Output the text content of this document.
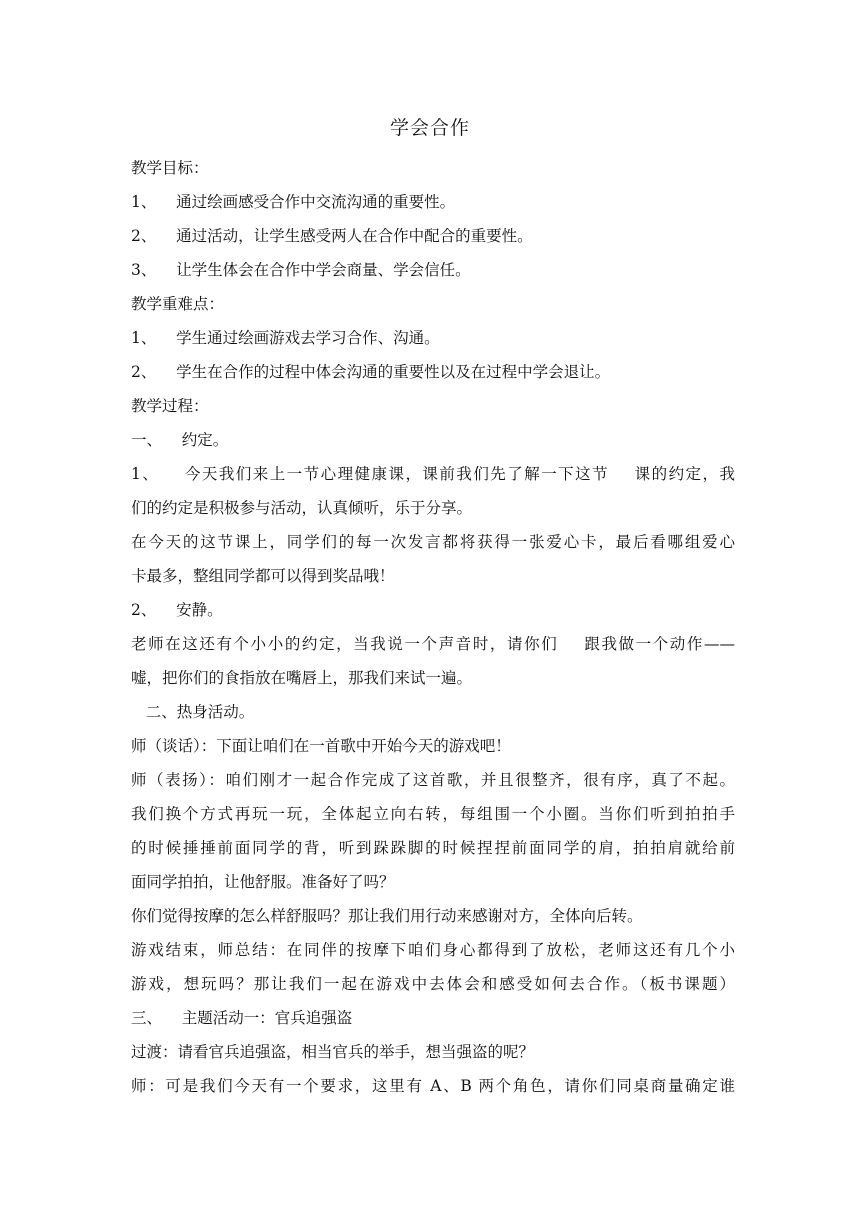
学会合作
教学目标：
1、    通过绘画感受合作中交流沟通的重要性。
2、    通过活动，让学生感受两人在合作中配合的重要性。
3、    让学生体会在合作中学会商量、学会信任。
教学重难点：
1、    学生通过绘画游戏去学习合作、沟通。
2、    学生在合作的过程中体会沟通的重要性以及在过程中学会退让。
教学过程：
一、    约定。
1、    今天我们来上一节心理健康课，课前我们先了解一下这节    课的约定，我
们的约定是积极参与活动，认真倾听，乐于分享。
在今天的这节课上，同学们的每一次发言都将获得一张爱心卡，最后看哪组爱心
卡最多，整组同学都可以得到奖品哦！
2、    安静。
老师在这还有个小小的约定，当我说一个声音时，请你们    跟我做一个动作——
嘘，把你们的食指放在嘴唇上，那我们来试一遍。
二、热身活动。
师（谈话）：下面让咱们在一首歌中开始今天的游戏吧！
师（表扬）：咱们刚才一起合作完成了这首歌，并且很整齐，很有序，真了不起。
我们换个方式再玩一玩，全体起立向右转，每组围一个小圈。当你们听到拍拍手
的时候捶捶前面同学的背，听到跺跺脚的时候捏捏前面同学的肩，拍拍肩就给前
面同学拍拍，让他舒服。准备好了吗？
你们觉得按摩的怎么样舒服吗？那让我们用行动来感谢对方，全体向后转。
游戏结束，师总结：在同伴的按摩下咱们身心都得到了放松，老师这还有几个小
游戏，想玩吗？那让我们一起在游戏中去体会和感受如何去合作。（板书课题）
三、    主题活动一：官兵追强盗
过渡：请看官兵追强盗，相当官兵的举手，想当强盗的呢？
师：可是我们今天有一个要求，这里有 A、B 两个角色，请你们同桌商量确定谁
